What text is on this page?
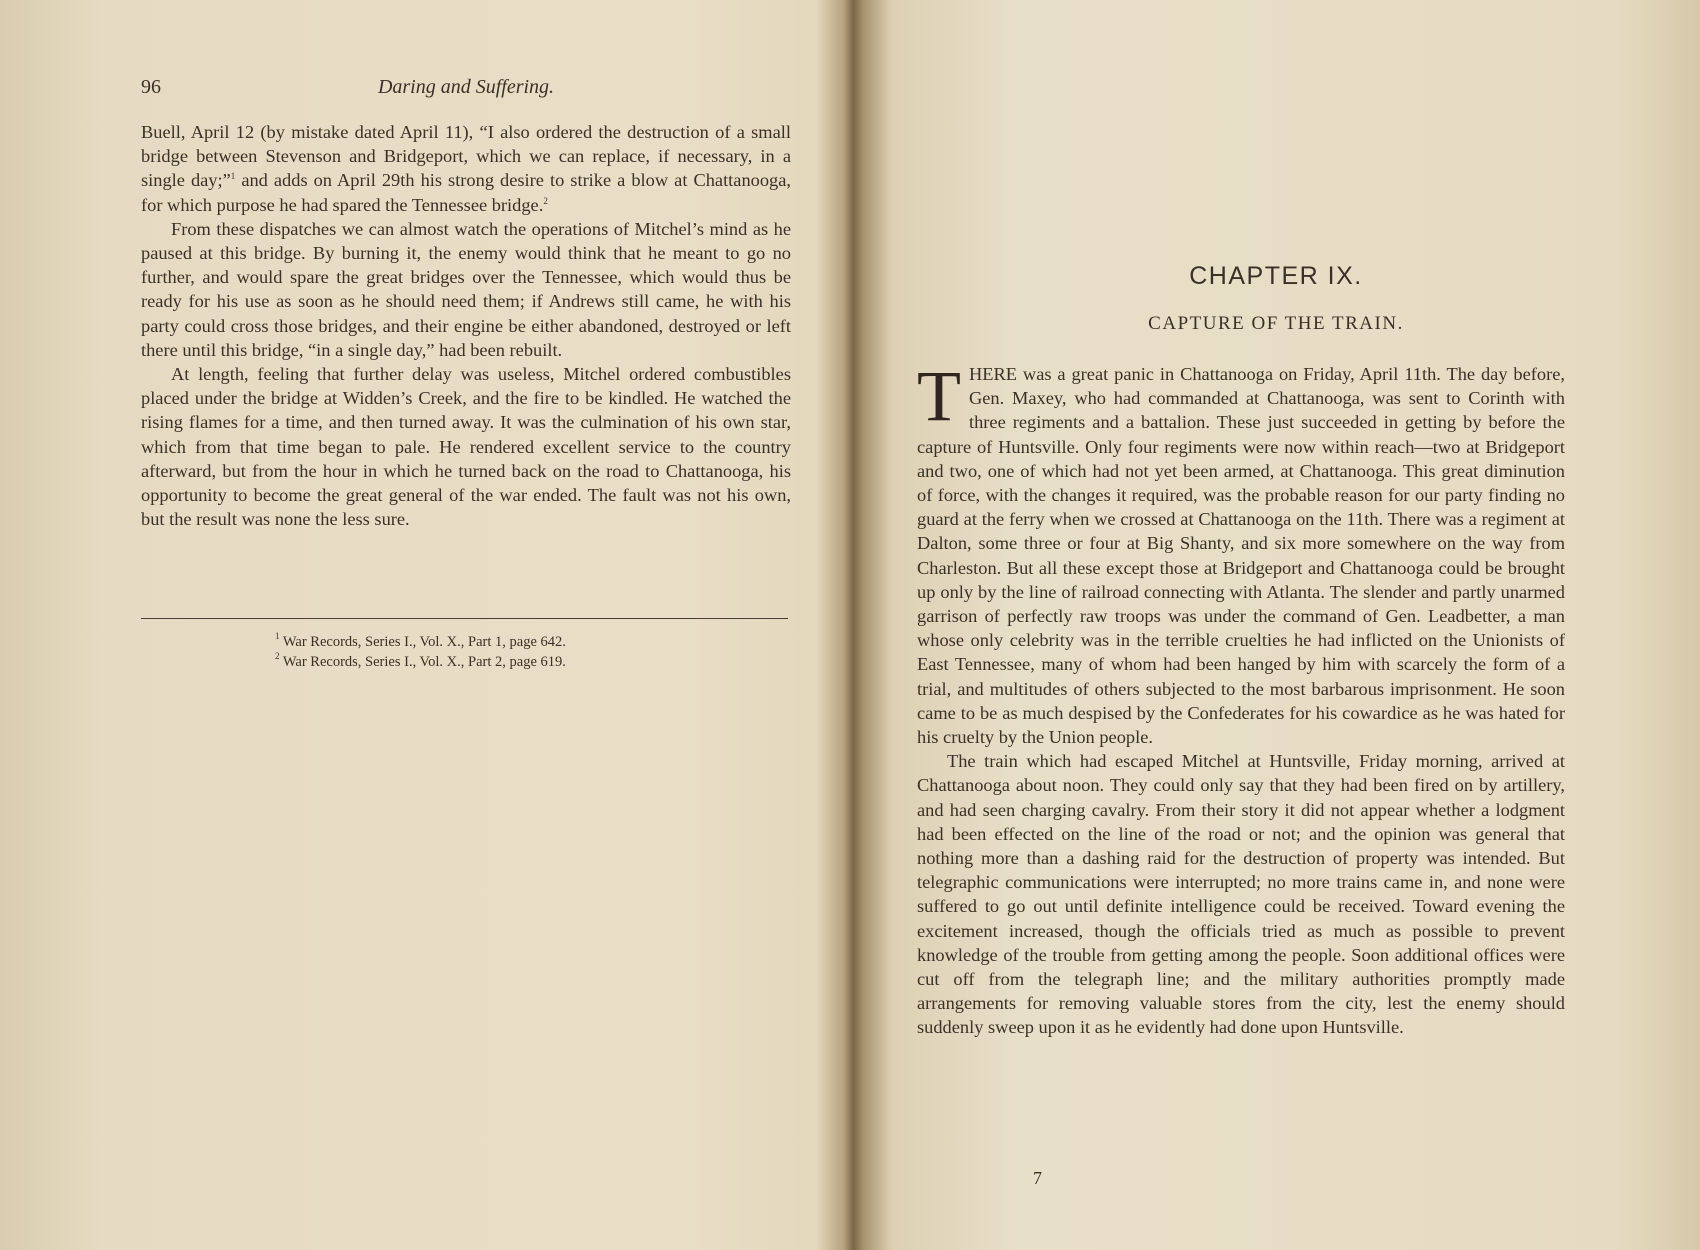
96	Daring and Suffering.

Buell, April 12 (by mistake dated April 11), “I also ordered the destruction of a small bridge between Stevenson and Bridgeport, which we can replace, if necessary, in a single day;”$^1$ and adds on April 29th his strong desire to strike a blow at Chattanooga, for which purpose he had spared the Tennessee bridge.$^2$

From these dispatches we can almost watch the operations of Mitchel’s mind as he paused at this bridge. By burning it, the enemy would think that he meant to go no further, and would spare the great bridges over the Tennessee, which would thus be ready for his use as soon as he should need them; if Andrews still came, he with his party could cross those bridges, and their engine be either abandoned, destroyed or left there until this bridge, “in a single day,” had been rebuilt.

At length, feeling that further delay was useless, Mitchel ordered combustibles placed under the bridge at Widden’s Creek, and the fire to be kindled. He watched the rising flames for a time, and then turned away. It was the culmination of his own star, which from that time began to pale. He rendered excellent service to the country afterward, but from the hour in which he turned back on the road to Chattanooga, his opportunity to become the great general of the war ended. The fault was not his own, but the result was none the less sure.

$^1$ War Records, Series I., Vol. X., Part 1, page 642.
$^2$ War Records, Series I., Vol. X., Part 2, page 619.
CHAPTER IX.
CAPTURE OF THE TRAIN.

THERE was a great panic in Chattanooga on Friday, April 11th. The day before, Gen. Maxey, who had commanded at Chattanooga, was sent to Corinth with three regiments and a battalion. These just succeeded in getting by before the capture of Huntsville. Only four regiments were now within reach—two at Bridgeport and two, one of which had not yet been armed, at Chattanooga. This great diminution of force, with the changes it required, was the probable reason for our party finding no guard at the ferry when we crossed at Chattanooga on the 11th. There was a regiment at Dalton, some three or four at Big Shanty, and six more somewhere on the way from Charleston. But all these except those at Bridgeport and Chattanooga could be brought up only by the line of railroad connecting with Atlanta. The slender and partly unarmed garrison of perfectly raw troops was under the command of Gen. Leadbetter, a man whose only celebrity was in the terrible cruelties he had inflicted on the Unionists of East Tennessee, many of whom had been hanged by him with scarcely the form of a trial, and multitudes of others subjected to the most barbarous imprisonment. He soon came to be as much despised by the Confederates for his cowardice as he was hated for his cruelty by the Union people.

The train which had escaped Mitchel at Huntsville, Friday morning, arrived at Chattanooga about noon. They could only say that they had been fired on by artillery, and had seen charging cavalry. From their story it did not appear whether a lodgment had been effected on the line of the road or not; and the opinion was general that nothing more than a dashing raid for the destruction of property was intended. But telegraphic communications were interrupted; no more trains came in, and none were suffered to go out until definite intelligence could be received. Toward evening the excitement increased, though the officials tried as much as possible to prevent knowledge of the trouble from getting among the people. Soon additional offices were cut off from the telegraph line; and the military authorities promptly made arrangements for removing valuable stores from the city, lest the enemy should suddenly sweep upon it as he evidently had done upon Huntsville.

7
